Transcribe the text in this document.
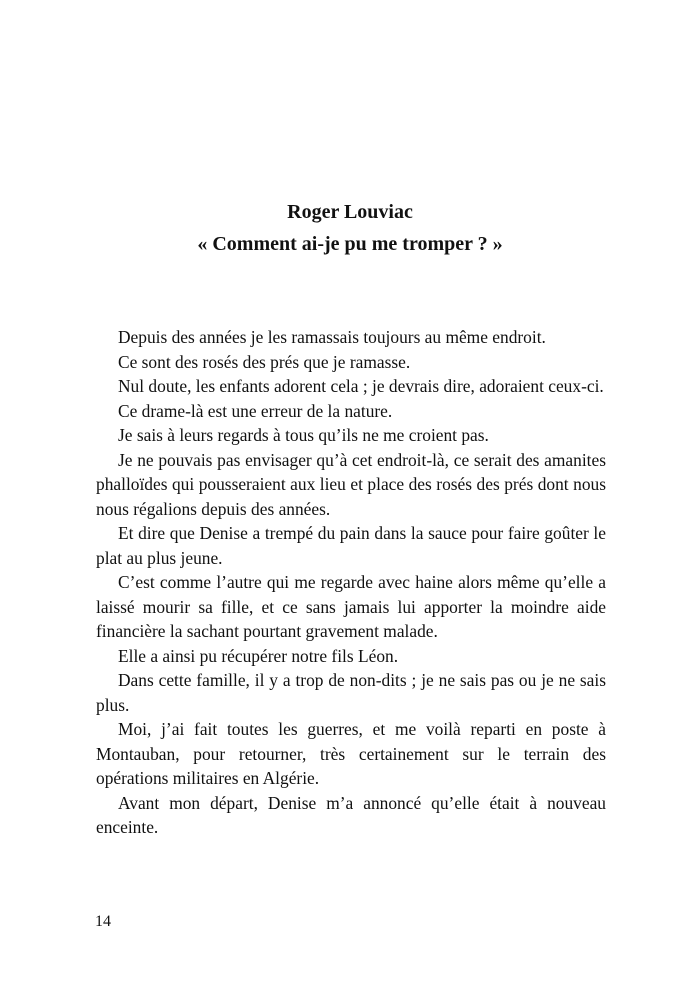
Roger Louviac
« Comment ai-je pu me tromper ? »

Depuis des années je les ramassais toujours au même endroit.

Ce sont des rosés des prés que je ramasse.

Nul doute, les enfants adorent cela ; je devrais dire, adoraient ceux-ci.

Ce drame-là est une erreur de la nature.

Je sais à leurs regards à tous qu’ils ne me croient pas.

Je ne pouvais pas envisager qu’à cet endroit-là, ce serait des amanites phalloïdes qui pousseraient aux lieu et place des rosés des prés dont nous nous régalions depuis des années.

Et dire que Denise a trempé du pain dans la sauce pour faire goûter le plat au plus jeune.

C’est comme l’autre qui me regarde avec haine alors même qu’elle a laissé mourir sa fille, et ce sans jamais lui apporter la moindre aide financière la sachant pourtant gravement malade.

Elle a ainsi pu récupérer notre fils Léon.

Dans cette famille, il y a trop de non-dits ; je ne sais pas ou je ne sais plus.

Moi, j’ai fait toutes les guerres, et me voilà reparti en poste à Montauban, pour retourner, très certainement sur le terrain des opérations militaires en Algérie.

Avant mon départ, Denise m’a annoncé qu’elle était à nouveau enceinte.

14
